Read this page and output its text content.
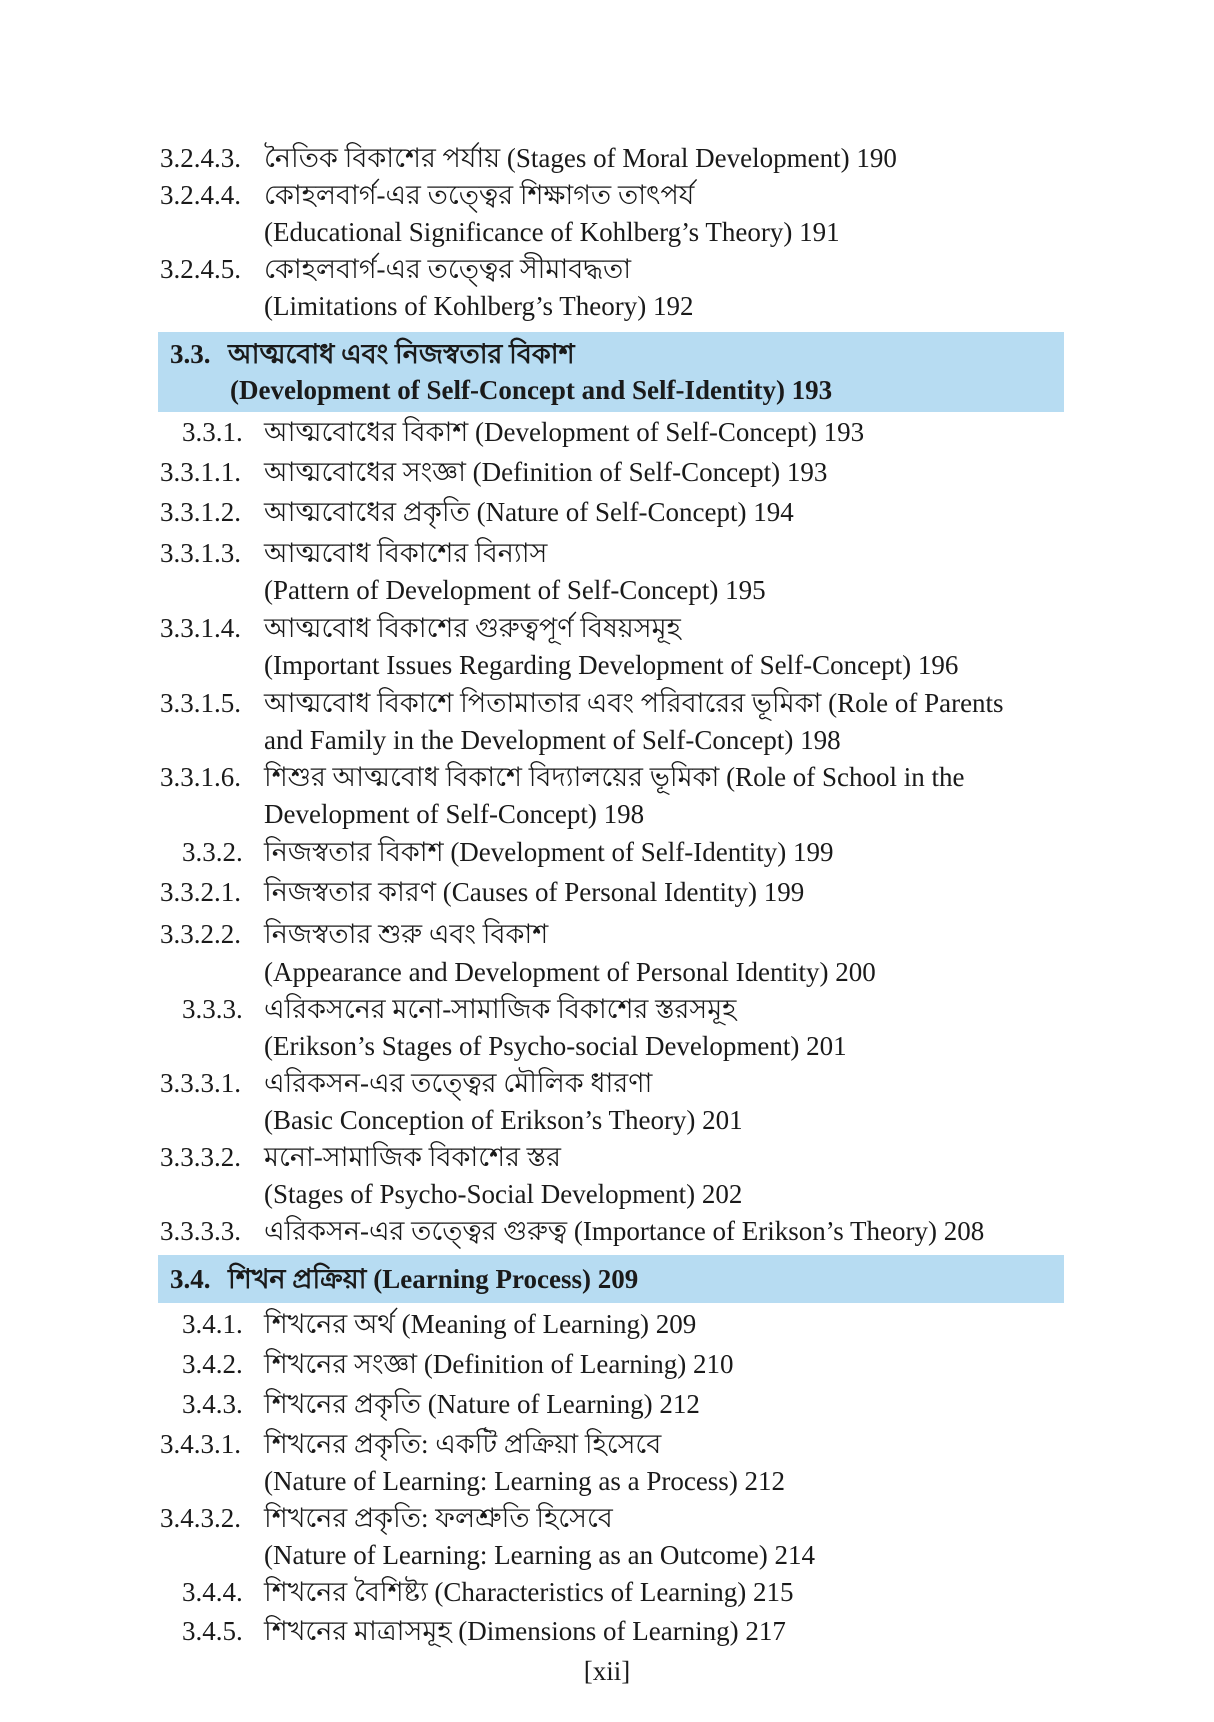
3.2.4.3. নৈতিক বিকাশের পর্যায় (Stages of Moral Development) 190
3.2.4.4. কোহলবার্গ-এর তত্ত্বের শিক্ষাগত তাৎপর্য
(Educational Significance of Kohlberg’s Theory) 191
3.2.4.5. কোহলবার্গ-এর তত্ত্বের সীমাবদ্ধতা
(Limitations of Kohlberg’s Theory) 192
3.3. আত্মবোধ এবং নিজস্বতার বিকাশ
(Development of Self-Concept and Self-Identity) 193
3.3.1. আত্মবোধের বিকাশ (Development of Self-Concept) 193
3.3.1.1. আত্মবোধের সংজ্ঞা (Definition of Self-Concept) 193
3.3.1.2. আত্মবোধের প্রকৃতি (Nature of Self-Concept) 194
3.3.1.3. আত্মবোধ বিকাশের বিন্যাস
(Pattern of Development of Self-Concept) 195
3.3.1.4. আত্মবোধ বিকাশের গুরুত্বপূর্ণ বিষয়সমূহ
(Important Issues Regarding Development of Self-Concept) 196
3.3.1.5. আত্মবোধ বিকাশে পিতামাতার এবং পরিবারের ভূমিকা (Role of Parents
and Family in the Development of Self-Concept) 198
3.3.1.6. শিশুর আত্মবোধ বিকাশে বিদ্যালয়ের ভূমিকা (Role of School in the
Development of Self-Concept) 198
3.3.2. নিজস্বতার বিকাশ (Development of Self-Identity) 199
3.3.2.1. নিজস্বতার কারণ (Causes of Personal Identity) 199
3.3.2.2. নিজস্বতার শুরু এবং বিকাশ
(Appearance and Development of Personal Identity) 200
3.3.3. এরিকসনের মনো-সামাজিক বিকাশের স্তরসমূহ
(Erikson’s Stages of Psycho-social Development) 201
3.3.3.1. এরিকসন-এর তত্ত্বের মৌলিক ধারণা
(Basic Conception of Erikson’s Theory) 201
3.3.3.2. মনো-সামাজিক বিকাশের স্তর
(Stages of Psycho-Social Development) 202
3.3.3.3. এরিকসন-এর তত্ত্বের গুরুত্ব (Importance of Erikson’s Theory) 208
3.4. শিখন প্রক্রিয়া (Learning Process) 209
3.4.1. শিখনের অর্থ (Meaning of Learning) 209
3.4.2. শিখনের সংজ্ঞা (Definition of Learning) 210
3.4.3. শিখনের প্রকৃতি (Nature of Learning) 212
3.4.3.1. শিখনের প্রকৃতি: একটি প্রক্রিয়া হিসেবে
(Nature of Learning: Learning as a Process) 212
3.4.3.2. শিখনের প্রকৃতি: ফলশ্রুতি হিসেবে
(Nature of Learning: Learning as an Outcome) 214
3.4.4. শিখনের বৈশিষ্ট্য (Characteristics of Learning) 215
3.4.5. শিখনের মাত্রাসমূহ (Dimensions of Learning) 217
[xii]
